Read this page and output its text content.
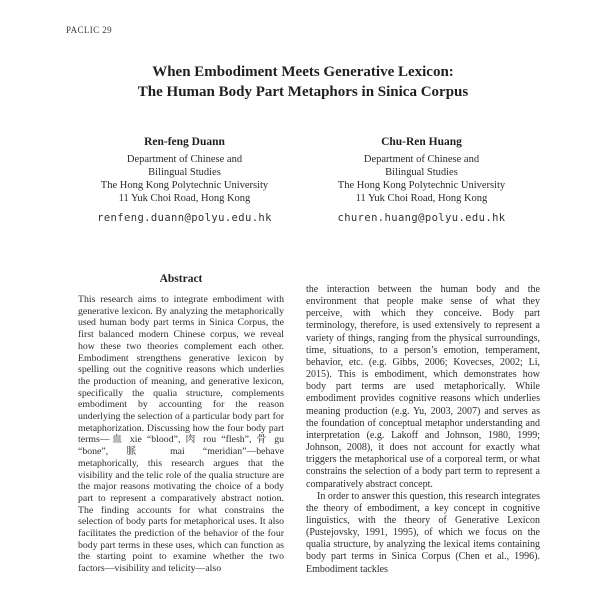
PACLIC 29
When Embodiment Meets Generative Lexicon:
The Human Body Part Metaphors in Sinica Corpus
Ren-feng Duann
Department of Chinese and
Bilingual Studies
The Hong Kong Polytechnic University
11 Yuk Choi Road, Hong Kong
renfeng.duann@polyu.edu.hk
Chu-Ren Huang
Department of Chinese and
Bilingual Studies
The Hong Kong Polytechnic University
11 Yuk Choi Road, Hong Kong
churen.huang@polyu.edu.hk
Abstract
This research aims to integrate embodiment with generative lexicon. By analyzing the metaphorically used human body part terms in Sinica Corpus, the first balanced modern Chinese corpus, we reveal how these two theories complement each other. Embodiment strengthens generative lexicon by spelling out the cognitive reasons which underlies the production of meaning, and generative lexicon, specifically the qualia structure, complements embodiment by accounting for the reason underlying the selection of a particular body part for metaphorization. Discussing how the four body part terms—血 xie “blood”, 肉 rou “flesh”, 骨 gu “bone”, 脈 mai “meridian”—behave metaphorically, this research argues that the visibility and the telic role of the qualia structure are the major reasons motivating the choice of a body part to represent a comparatively abstract notion. The finding accounts for what constrains the selection of body parts for metaphorical uses. It also facilitates the prediction of the behavior of the four body part terms in these uses, which can function as the starting point to examine whether the two factors—visibility and telicity—also

the interaction between the human body and the environment that people make sense of what they perceive, with which they conceive. Body part terminology, therefore, is used extensively to represent a variety of things, ranging from the physical surroundings, time, situations, to a person’s emotion, temperament, behavior, etc. (e.g. Gibbs, 2006; Kovecses, 2002; Li, 2015). This is embodiment, which demonstrates how body part terms are used metaphorically. While embodiment provides cognitive reasons which underlies meaning production (e.g. Yu, 2003, 2007) and serves as the foundation of conceptual metaphor understanding and interpretation (e.g. Lakoff and Johnson, 1980, 1999; Johnson, 2008), it does not account for exactly what triggers the metaphorical use of a corporeal term, or what constrains the selection of a body part term to represent a comparatively abstract concept.

In order to answer this question, this research integrates the theory of embodiment, a key concept in cognitive linguistics, with the theory of Generative Lexicon (Pustejovsky, 1991, 1995), of which we focus on the qualia structure, by analyzing the lexical items containing body part terms in Sinica Corpus (Chen et al., 1996). Embodiment tackles
